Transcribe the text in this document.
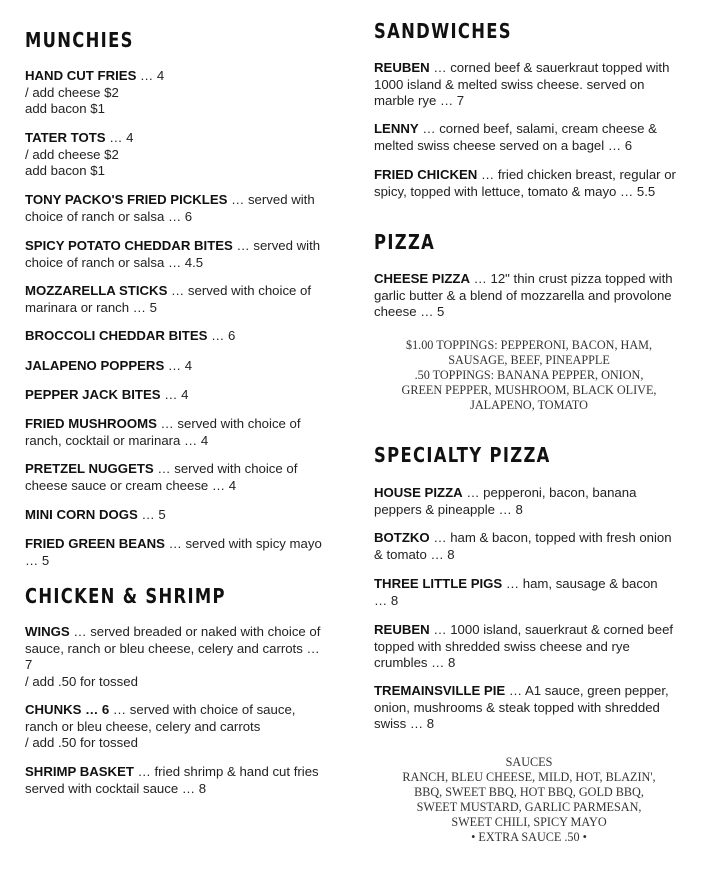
MUNCHIES
HAND CUT FRIES … 4
/ add cheese $2
add bacon $1
TATER TOTS … 4
/ add cheese $2
add bacon $1
TONY PACKO'S FRIED PICKLES … served with choice of ranch or salsa … 6
SPICY POTATO CHEDDAR BITES … served with choice of ranch or salsa … 4.5
MOZZARELLA STICKS … served with choice of marinara or ranch … 5
BROCCOLI CHEDDAR BITES … 6
JALAPENO POPPERS … 4
PEPPER JACK BITES … 4
FRIED MUSHROOMS … served with choice of ranch, cocktail or marinara … 4
PRETZEL NUGGETS … served with choice of cheese sauce or cream cheese … 4
MINI CORN DOGS … 5
FRIED GREEN BEANS … served with spicy mayo … 5
CHICKEN & SHRIMP
WINGS … served breaded or naked with choice of sauce, ranch or bleu cheese, celery and carrots … 7
/ add .50 for tossed
CHUNKS … 6 … served with choice of sauce, ranch or bleu cheese, celery and carrots
/ add .50 for tossed
SHRIMP BASKET … fried shrimp & hand cut fries served with cocktail sauce … 8
SANDWICHES
REUBEN … corned beef & sauerkraut topped with 1000 island & melted swiss cheese. served on marble rye … 7
LENNY … corned beef, salami, cream cheese & melted swiss cheese served on a bagel … 6
FRIED CHICKEN … fried chicken breast, regular or spicy, topped with lettuce, tomato & mayo … 5.5
PIZZA
CHEESE PIZZA … 12" thin crust pizza topped with garlic butter & a blend of mozzarella and provolone cheese … 5
$1.00 TOPPINGS: PEPPERONI, BACON, HAM,
SAUSAGE, BEEF, PINEAPPLE
.50 TOPPINGS: BANANA PEPPER, ONION,
GREEN PEPPER, MUSHROOM, BLACK OLIVE,
JALAPENO, TOMATO
SPECIALTY PIZZA
HOUSE PIZZA … pepperoni, bacon, banana peppers & pineapple … 8
BOTZKO … ham & bacon, topped with fresh onion & tomato … 8
THREE LITTLE PIGS … ham, sausage & bacon … 8
REUBEN … 1000 island, sauerkraut & corned beef topped with shredded swiss cheese and rye crumbles … 8
TREMAINSVILLE PIE … A1 sauce, green pepper, onion, mushrooms & steak topped with shredded swiss … 8
SAUCES
RANCH, BLEU CHEESE, MILD, HOT, BLAZIN',
BBQ, SWEET BBQ, HOT BBQ, GOLD BBQ,
SWEET MUSTARD, GARLIC PARMESAN,
SWEET CHILI, SPICY MAYO
• EXTRA SAUCE .50 •
